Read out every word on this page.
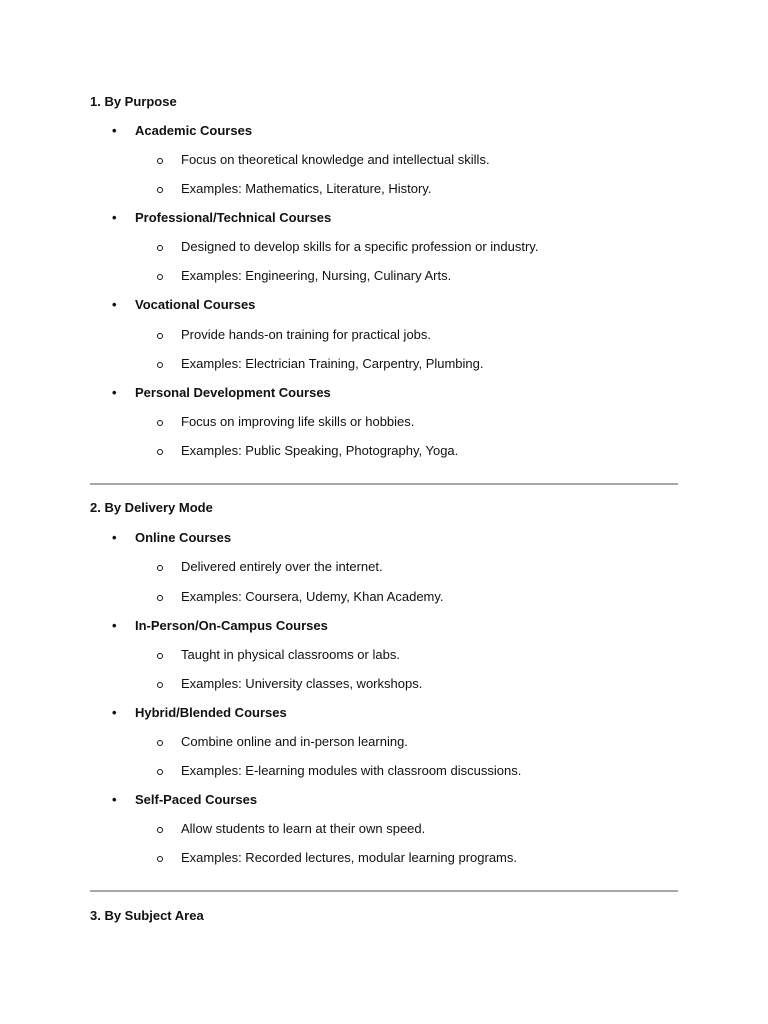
1. By Purpose
• Academic Courses
Focus on theoretical knowledge and intellectual skills.
Examples: Mathematics, Literature, History.
• Professional/Technical Courses
Designed to develop skills for a specific profession or industry.
Examples: Engineering, Nursing, Culinary Arts.
• Vocational Courses
Provide hands-on training for practical jobs.
Examples: Electrician Training, Carpentry, Plumbing.
• Personal Development Courses
Focus on improving life skills or hobbies.
Examples: Public Speaking, Photography, Yoga.
2. By Delivery Mode
• Online Courses
Delivered entirely over the internet.
Examples: Coursera, Udemy, Khan Academy.
• In-Person/On-Campus Courses
Taught in physical classrooms or labs.
Examples: University classes, workshops.
• Hybrid/Blended Courses
Combine online and in-person learning.
Examples: E-learning modules with classroom discussions.
• Self-Paced Courses
Allow students to learn at their own speed.
Examples: Recorded lectures, modular learning programs.
3. By Subject Area
